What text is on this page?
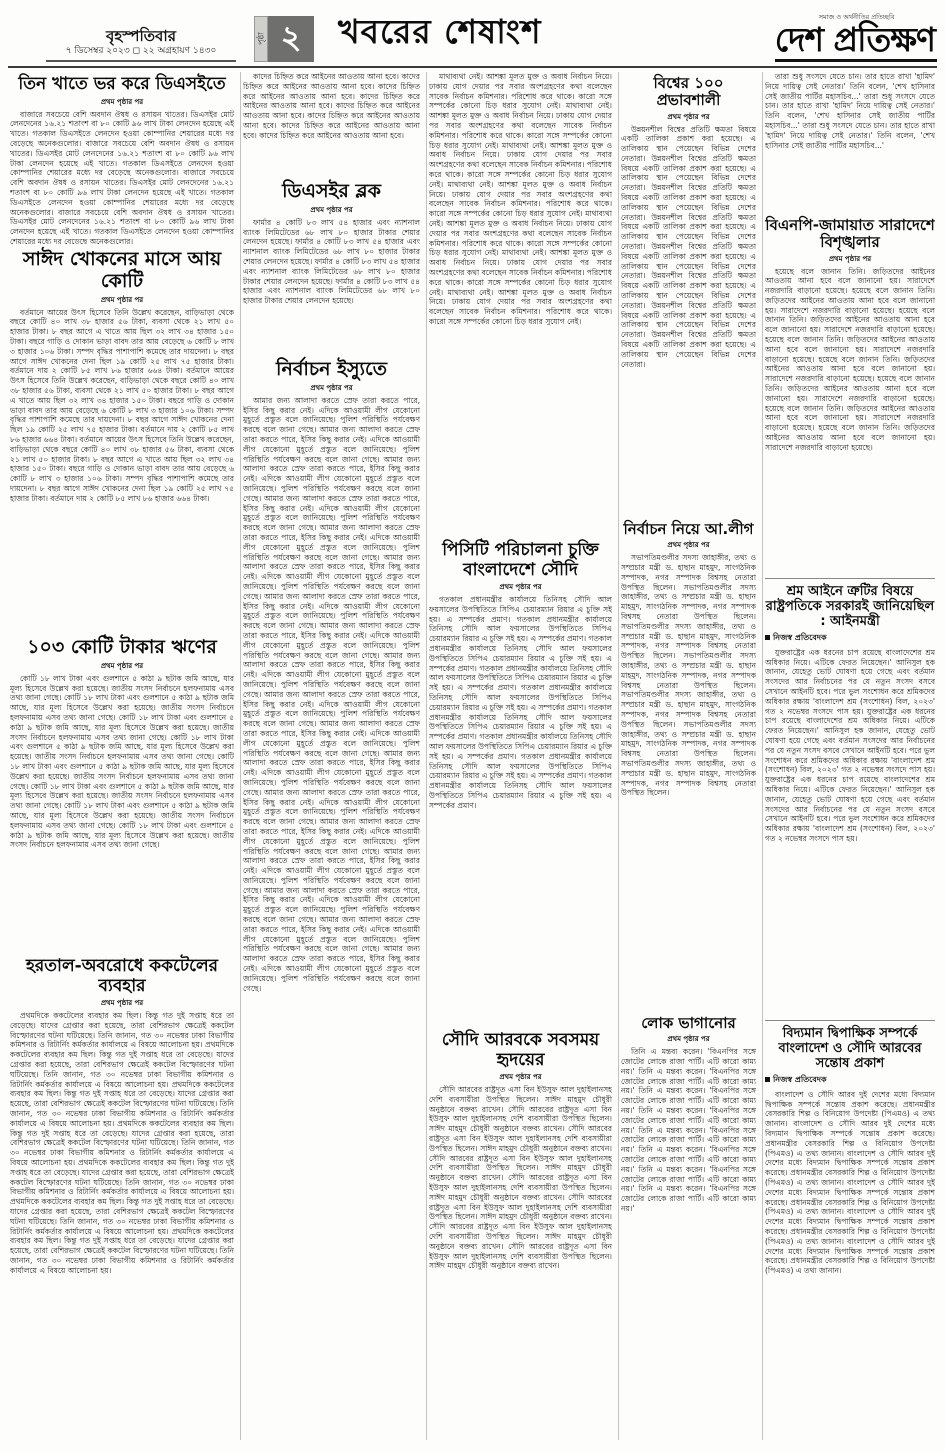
বৃহস্পতিবার
৭ ডিসেম্বর ২০২৩ ◻ ২২ অগ্রহায়ণ ১৪৩০
পৃষ্ঠা ২	খবরের শেষাংশ	সমাজ ও অর্থনীতির প্রতিচ্ছবি
দেশ প্রতিক্ষণ
তিন খাতে ভর করে ডিএসইতে
প্রথম পৃষ্ঠার পর

বাজারে সবচেয়ে বেশি অবদান ঔষধ ও রসায়ন খাতের। ডিএসইর মোট লেনদেনের ১৬.২১ শতাংশ বা ৮০ কোটি ৯৬ লাখ টাকা লেনদেন হয়েছে এই খাতে। গতকাল ডিএসইতে লেনদেন হওয়া কোম্পানির শেয়ারের মধ্যে দর বেড়েছে অনেকগুলোর। বাজারে সবচেয়ে বেশি অবদান ঔষধ ও রসায়ন খাতের। ডিএসইর মোট লেনদেনের ১৬.২১ শতাংশ বা ৮০ কোটি ৯৬ লাখ টাকা লেনদেন হয়েছে এই খাতে। গতকাল ডিএসইতে লেনদেন হওয়া কোম্পানির শেয়ারের মধ্যে দর বেড়েছে অনেকগুলোর। বাজারে সবচেয়ে বেশি অবদান ঔষধ ও রসায়ন খাতের। ডিএসইর মোট লেনদেনের ১৬.২১ শতাংশ বা ৮০ কোটি ৯৬ লাখ টাকা লেনদেন হয়েছে এই খাতে। গতকাল ডিএসইতে লেনদেন হওয়া কোম্পানির শেয়ারের মধ্যে দর বেড়েছে অনেকগুলোর। বাজারে সবচেয়ে বেশি অবদান ঔষধ ও রসায়ন খাতের। ডিএসইর মোট লেনদেনের ১৬.২১ শতাংশ বা ৮০ কোটি ৯৬ লাখ টাকা লেনদেন হয়েছে এই খাতে। গতকাল ডিএসইতে লেনদেন হওয়া কোম্পানির শেয়ারের মধ্যে দর বেড়েছে অনেকগুলোর।

সাঈদ খোকনের মাসে আয় কোটি
প্রথম পৃষ্ঠার পর

বর্তমানে আয়ের উৎস হিসেবে তিনি উল্লেখ করেছেন, বাড়িভাড়া থেকে বছরে কোটি ৪০ লাখ ৩৮ হাজার ৫৬ টাকা, ব্যবসা থেকে ২১ লাখ ৫০ হাজার টাকা। ৮ বছর আগে এ খাতে আয় ছিল ৩২ লাখ ৩৪ হাজার ১৫০ টাকা। বছরে গাড়ি ও দোকান ভাড়া বাবদ তার আয় বেড়েছে ৬ কোটি ৮ লাখ ৩ হাজার ১০৬ টাকা। সম্পদ বৃদ্ধির পাশাপাশি কমেছে তার দায়দেনা। ৮ বছর আগে সাঈদ খোকনের দেনা ছিল ১৯ কোটি ২৫ লাখ ৭৫ হাজার টাকা। বর্তমানে দায় ২ কোটি ৮৫ লাখ ৮৬ হাজার ৬৬৪ টাকা। বর্তমানে আয়ের উৎস হিসেবে তিনি উল্লেখ করেছেন, বাড়িভাড়া থেকে বছরে কোটি ৪০ লাখ ৩৮ হাজার ৫৬ টাকা, ব্যবসা থেকে ২১ লাখ ৫০ হাজার টাকা। ৮ বছর আগে এ খাতে আয় ছিল ৩২ লাখ ৩৪ হাজার ১৫০ টাকা। বছরে গাড়ি ও দোকান ভাড়া বাবদ তার আয় বেড়েছে ৬ কোটি ৮ লাখ ৩ হাজার ১০৬ টাকা। সম্পদ বৃদ্ধির পাশাপাশি কমেছে তার দায়দেনা। ৮ বছর আগে সাঈদ খোকনের দেনা ছিল ১৯ কোটি ২৫ লাখ ৭৫ হাজার টাকা। বর্তমানে দায় ২ কোটি ৮৫ লাখ ৮৬ হাজার ৬৬৪ টাকা। বর্তমানে আয়ের উৎস হিসেবে তিনি উল্লেখ করেছেন, বাড়িভাড়া থেকে বছরে কোটি ৪০ লাখ ৩৮ হাজার ৫৬ টাকা, ব্যবসা থেকে ২১ লাখ ৫০ হাজার টাকা। ৮ বছর আগে এ খাতে আয় ছিল ৩২ লাখ ৩৪ হাজার ১৫০ টাকা। বছরে গাড়ি ও দোকান ভাড়া বাবদ তার আয় বেড়েছে ৬ কোটি ৮ লাখ ৩ হাজার ১০৬ টাকা। সম্পদ বৃদ্ধির পাশাপাশি কমেছে তার দায়দেনা। ৮ বছর আগে সাঈদ খোকনের দেনা ছিল ১৯ কোটি ২৫ লাখ ৭৫ হাজার টাকা। বর্তমানে দায় ২ কোটি ৮৫ লাখ ৮৬ হাজার ৬৬৪ টাকা।

১০৩ কোটি টাকার ঋণের
প্রথম পৃষ্ঠার পর

কোটি ১৮ লাখ টাকা এবং গুলশানে ৫ কাঠা ৯ ছটাক জমি আছে, যার মূল্য হিসেবে উল্লেখ করা হয়েছে। জাতীয় সংসদ নির্বাচনে হলফনামায় এসব তথ্য জানা গেছে। কোটি ১৮ লাখ টাকা এবং গুলশানে ৫ কাঠা ৯ ছটাক জমি আছে, যার মূল্য হিসেবে উল্লেখ করা হয়েছে। জাতীয় সংসদ নির্বাচনে হলফনামায় এসব তথ্য জানা গেছে। কোটি ১৮ লাখ টাকা এবং গুলশানে ৫ কাঠা ৯ ছটাক জমি আছে, যার মূল্য হিসেবে উল্লেখ করা হয়েছে। জাতীয় সংসদ নির্বাচনে হলফনামায় এসব তথ্য জানা গেছে। কোটি ১৮ লাখ টাকা এবং গুলশানে ৫ কাঠা ৯ ছটাক জমি আছে, যার মূল্য হিসেবে উল্লেখ করা হয়েছে। জাতীয় সংসদ নির্বাচনে হলফনামায় এসব তথ্য জানা গেছে। কোটি ১৮ লাখ টাকা এবং গুলশানে ৫ কাঠা ৯ ছটাক জমি আছে, যার মূল্য হিসেবে উল্লেখ করা হয়েছে। জাতীয় সংসদ নির্বাচনে হলফনামায় এসব তথ্য জানা গেছে। কোটি ১৮ লাখ টাকা এবং গুলশানে ৫ কাঠা ৯ ছটাক জমি আছে, যার মূল্য হিসেবে উল্লেখ করা হয়েছে। জাতীয় সংসদ নির্বাচনে হলফনামায় এসব তথ্য জানা গেছে। কোটি ১৮ লাখ টাকা এবং গুলশানে ৫ কাঠা ৯ ছটাক জমি আছে, যার মূল্য হিসেবে উল্লেখ করা হয়েছে। জাতীয় সংসদ নির্বাচনে হলফনামায় এসব তথ্য জানা গেছে। কোটি ১৮ লাখ টাকা এবং গুলশানে ৫ কাঠা ৯ ছটাক জমি আছে, যার মূল্য হিসেবে উল্লেখ করা হয়েছে। জাতীয় সংসদ নির্বাচনে হলফনামায় এসব তথ্য জানা গেছে।

হরতাল-অবরোধে ককটেলের ব্যবহার
প্রথম পৃষ্ঠার পর

প্রথমদিকে ককটেলের ব্যবহার কম ছিল। কিন্তু গত দুই সপ্তাহ ধরে তা বেড়েছে। যাদের গ্রেপ্তার করা হয়েছে, তারা বেশিরভাগ ক্ষেত্রেই ককটেল বিস্ফোরণের ঘটনা ঘটিয়েছে। তিনি জানান, গত ৩০ নভেম্বর ঢাকা বিভাগীয় কমিশনার ও রিটার্নিং কর্মকর্তার কার্যালয়ে এ বিষয়ে আলোচনা হয়। প্রথমদিকে ককটেলের ব্যবহার কম ছিল। কিন্তু গত দুই সপ্তাহ ধরে তা বেড়েছে। যাদের গ্রেপ্তার করা হয়েছে, তারা বেশিরভাগ ক্ষেত্রেই ককটেল বিস্ফোরণের ঘটনা ঘটিয়েছে। তিনি জানান, গত ৩০ নভেম্বর ঢাকা বিভাগীয় কমিশনার ও রিটার্নিং কর্মকর্তার কার্যালয়ে এ বিষয়ে আলোচনা হয়। প্রথমদিকে ককটেলের ব্যবহার কম ছিল। কিন্তু গত দুই সপ্তাহ ধরে তা বেড়েছে। যাদের গ্রেপ্তার করা হয়েছে, তারা বেশিরভাগ ক্ষেত্রেই ককটেল বিস্ফোরণের ঘটনা ঘটিয়েছে। তিনি জানান, গত ৩০ নভেম্বর ঢাকা বিভাগীয় কমিশনার ও রিটার্নিং কর্মকর্তার কার্যালয়ে এ বিষয়ে আলোচনা হয়। প্রথমদিকে ককটেলের ব্যবহার কম ছিল। কিন্তু গত দুই সপ্তাহ ধরে তা বেড়েছে। যাদের গ্রেপ্তার করা হয়েছে, তারা বেশিরভাগ ক্ষেত্রেই ককটেল বিস্ফোরণের ঘটনা ঘটিয়েছে। তিনি জানান, গত ৩০ নভেম্বর ঢাকা বিভাগীয় কমিশনার ও রিটার্নিং কর্মকর্তার কার্যালয়ে এ বিষয়ে আলোচনা হয়। প্রথমদিকে ককটেলের ব্যবহার কম ছিল। কিন্তু গত দুই সপ্তাহ ধরে তা বেড়েছে। যাদের গ্রেপ্তার করা হয়েছে, তারা বেশিরভাগ ক্ষেত্রেই ককটেল বিস্ফোরণের ঘটনা ঘটিয়েছে। তিনি জানান, গত ৩০ নভেম্বর ঢাকা বিভাগীয় কমিশনার ও রিটার্নিং কর্মকর্তার কার্যালয়ে এ বিষয়ে আলোচনা হয়। প্রথমদিকে ককটেলের ব্যবহার কম ছিল। কিন্তু গত দুই সপ্তাহ ধরে তা বেড়েছে। যাদের গ্রেপ্তার করা হয়েছে, তারা বেশিরভাগ ক্ষেত্রেই ককটেল বিস্ফোরণের ঘটনা ঘটিয়েছে। তিনি জানান, গত ৩০ নভেম্বর ঢাকা বিভাগীয় কমিশনার ও রিটার্নিং কর্মকর্তার কার্যালয়ে এ বিষয়ে আলোচনা হয়। প্রথমদিকে ককটেলের ব্যবহার কম ছিল। কিন্তু গত দুই সপ্তাহ ধরে তা বেড়েছে। যাদের গ্রেপ্তার করা হয়েছে, তারা বেশিরভাগ ক্ষেত্রেই ককটেল বিস্ফোরণের ঘটনা ঘটিয়েছে। তিনি জানান, গত ৩০ নভেম্বর ঢাকা বিভাগীয় কমিশনার ও রিটার্নিং কর্মকর্তার কার্যালয়ে এ বিষয়ে আলোচনা হয়।

কাদের চিহ্নিত করে আইনের আওতায় আনা হবে। কাদের চিহ্নিত করে আইনের আওতায় আনা হবে। কাদের চিহ্নিত করে আইনের আওতায় আনা হবে। কাদের চিহ্নিত করে আইনের আওতায় আনা হবে। কাদের চিহ্নিত করে আইনের আওতায় আনা হবে। কাদের চিহ্নিত করে আইনের আওতায় আনা হবে। কাদের চিহ্নিত করে আইনের আওতায় আনা হবে। কাদের চিহ্নিত করে আইনের আওতায় আনা হবে।

ডিএসইর ব্লক
প্রথম পৃষ্ঠার পর

ফার্মার ৪ কোটি ৮৩ লাখ ৫৪ হাজার এবং ন্যাশনাল ব্যাংক লিমিটেডের ৬৮ লাখ ৮০ হাজার টাকার শেয়ার লেনদেন হয়েছে। ফার্মার ৪ কোটি ৮৩ লাখ ৫৪ হাজার এবং ন্যাশনাল ব্যাংক লিমিটেডের ৬৮ লাখ ৮০ হাজার টাকার শেয়ার লেনদেন হয়েছে। ফার্মার ৪ কোটি ৮৩ লাখ ৫৪ হাজার এবং ন্যাশনাল ব্যাংক লিমিটেডের ৬৮ লাখ ৮০ হাজার টাকার শেয়ার লেনদেন হয়েছে। ফার্মার ৪ কোটি ৮৩ লাখ ৫৪ হাজার এবং ন্যাশনাল ব্যাংক লিমিটেডের ৬৮ লাখ ৮০ হাজার টাকার শেয়ার লেনদেন হয়েছে।

নির্বাচন ইস্যুতে
প্রথম পৃষ্ঠার পর

আমার জন্য আলাদা করতে স্রেফ তারা করতে পারে, ইসির কিছু করার নেই। এদিকে আওয়ামী লীগ যেকোনো মুহূর্তে প্রস্তুত বলে জানিয়েছে। পুলিশ পরিস্থিতি পর্যবেক্ষণ করছে বলে জানা গেছে। আমার জন্য আলাদা করতে স্রেফ তারা করতে পারে, ইসির কিছু করার নেই। এদিকে আওয়ামী লীগ যেকোনো মুহূর্তে প্রস্তুত বলে জানিয়েছে। পুলিশ পরিস্থিতি পর্যবেক্ষণ করছে বলে জানা গেছে। আমার জন্য আলাদা করতে স্রেফ তারা করতে পারে, ইসির কিছু করার নেই। এদিকে আওয়ামী লীগ যেকোনো মুহূর্তে প্রস্তুত বলে জানিয়েছে। পুলিশ পরিস্থিতি পর্যবেক্ষণ করছে বলে জানা গেছে। আমার জন্য আলাদা করতে স্রেফ তারা করতে পারে, ইসির কিছু করার নেই। এদিকে আওয়ামী লীগ যেকোনো মুহূর্তে প্রস্তুত বলে জানিয়েছে। পুলিশ পরিস্থিতি পর্যবেক্ষণ করছে বলে জানা গেছে। আমার জন্য আলাদা করতে স্রেফ তারা করতে পারে, ইসির কিছু করার নেই। এদিকে আওয়ামী লীগ যেকোনো মুহূর্তে প্রস্তুত বলে জানিয়েছে। পুলিশ পরিস্থিতি পর্যবেক্ষণ করছে বলে জানা গেছে। আমার জন্য আলাদা করতে স্রেফ তারা করতে পারে, ইসির কিছু করার নেই। এদিকে আওয়ামী লীগ যেকোনো মুহূর্তে প্রস্তুত বলে জানিয়েছে। পুলিশ পরিস্থিতি পর্যবেক্ষণ করছে বলে জানা গেছে। আমার জন্য আলাদা করতে স্রেফ তারা করতে পারে, ইসির কিছু করার নেই। এদিকে আওয়ামী লীগ যেকোনো মুহূর্তে প্রস্তুত বলে জানিয়েছে। পুলিশ পরিস্থিতি পর্যবেক্ষণ করছে বলে জানা গেছে। আমার জন্য আলাদা করতে স্রেফ তারা করতে পারে, ইসির কিছু করার নেই। এদিকে আওয়ামী লীগ যেকোনো মুহূর্তে প্রস্তুত বলে জানিয়েছে। পুলিশ পরিস্থিতি পর্যবেক্ষণ করছে বলে জানা গেছে। আমার জন্য আলাদা করতে স্রেফ তারা করতে পারে, ইসির কিছু করার নেই। এদিকে আওয়ামী লীগ যেকোনো মুহূর্তে প্রস্তুত বলে জানিয়েছে। পুলিশ পরিস্থিতি পর্যবেক্ষণ করছে বলে জানা গেছে। আমার জন্য আলাদা করতে স্রেফ তারা করতে পারে, ইসির কিছু করার নেই। এদিকে আওয়ামী লীগ যেকোনো মুহূর্তে প্রস্তুত বলে জানিয়েছে। পুলিশ পরিস্থিতি পর্যবেক্ষণ করছে বলে জানা গেছে। আমার জন্য আলাদা করতে স্রেফ তারা করতে পারে, ইসির কিছু করার নেই। এদিকে আওয়ামী লীগ যেকোনো মুহূর্তে প্রস্তুত বলে জানিয়েছে। পুলিশ পরিস্থিতি পর্যবেক্ষণ করছে বলে জানা গেছে। আমার জন্য আলাদা করতে স্রেফ তারা করতে পারে, ইসির কিছু করার নেই। এদিকে আওয়ামী লীগ যেকোনো মুহূর্তে প্রস্তুত বলে জানিয়েছে। পুলিশ পরিস্থিতি পর্যবেক্ষণ করছে বলে জানা গেছে। আমার জন্য আলাদা করতে স্রেফ তারা করতে পারে, ইসির কিছু করার নেই। এদিকে আওয়ামী লীগ যেকোনো মুহূর্তে প্রস্তুত বলে জানিয়েছে। পুলিশ পরিস্থিতি পর্যবেক্ষণ করছে বলে জানা গেছে। আমার জন্য আলাদা করতে স্রেফ তারা করতে পারে, ইসির কিছু করার নেই। এদিকে আওয়ামী লীগ যেকোনো মুহূর্তে প্রস্তুত বলে জানিয়েছে। পুলিশ পরিস্থিতি পর্যবেক্ষণ করছে বলে জানা গেছে। আমার জন্য আলাদা করতে স্রেফ তারা করতে পারে, ইসির কিছু করার নেই। এদিকে আওয়ামী লীগ যেকোনো মুহূর্তে প্রস্তুত বলে জানিয়েছে। পুলিশ পরিস্থিতি পর্যবেক্ষণ করছে বলে জানা গেছে। আমার জন্য আলাদা করতে স্রেফ তারা করতে পারে, ইসির কিছু করার নেই। এদিকে আওয়ামী লীগ যেকোনো মুহূর্তে প্রস্তুত বলে জানিয়েছে। পুলিশ পরিস্থিতি পর্যবেক্ষণ করছে বলে জানা গেছে। আমার জন্য আলাদা করতে স্রেফ তারা করতে পারে, ইসির কিছু করার নেই। এদিকে আওয়ামী লীগ যেকোনো মুহূর্তে প্রস্তুত বলে জানিয়েছে। পুলিশ পরিস্থিতি পর্যবেক্ষণ করছে বলে জানা গেছে। আমার জন্য আলাদা করতে স্রেফ তারা করতে পারে, ইসির কিছু করার নেই। এদিকে আওয়ামী লীগ যেকোনো মুহূর্তে প্রস্তুত বলে জানিয়েছে। পুলিশ পরিস্থিতি পর্যবেক্ষণ করছে বলে জানা গেছে।

মাথাব্যথা নেই। আশঙ্কা মূলত মুক্ত ও অবাধ নির্বাচন নিয়ে। ঢাকায় যোগ দেয়ার পর সবার অংশগ্রহণের কথা বলেছেন সাবেক নির্বাচন কমিশনার। পরিশোধ করে থাকে। কারো সঙ্গে সম্পর্কের কোনো চিড় ধরার সুযোগ নেই। মাথাব্যথা নেই। আশঙ্কা মূলত মুক্ত ও অবাধ নির্বাচন নিয়ে। ঢাকায় যোগ দেয়ার পর সবার অংশগ্রহণের কথা বলেছেন সাবেক নির্বাচন কমিশনার। পরিশোধ করে থাকে। কারো সঙ্গে সম্পর্কের কোনো চিড় ধরার সুযোগ নেই। মাথাব্যথা নেই। আশঙ্কা মূলত মুক্ত ও অবাধ নির্বাচন নিয়ে। ঢাকায় যোগ দেয়ার পর সবার অংশগ্রহণের কথা বলেছেন সাবেক নির্বাচন কমিশনার। পরিশোধ করে থাকে। কারো সঙ্গে সম্পর্কের কোনো চিড় ধরার সুযোগ নেই। মাথাব্যথা নেই। আশঙ্কা মূলত মুক্ত ও অবাধ নির্বাচন নিয়ে। ঢাকায় যোগ দেয়ার পর সবার অংশগ্রহণের কথা বলেছেন সাবেক নির্বাচন কমিশনার। পরিশোধ করে থাকে। কারো সঙ্গে সম্পর্কের কোনো চিড় ধরার সুযোগ নেই। মাথাব্যথা নেই। আশঙ্কা মূলত মুক্ত ও অবাধ নির্বাচন নিয়ে। ঢাকায় যোগ দেয়ার পর সবার অংশগ্রহণের কথা বলেছেন সাবেক নির্বাচন কমিশনার। পরিশোধ করে থাকে। কারো সঙ্গে সম্পর্কের কোনো চিড় ধরার সুযোগ নেই। মাথাব্যথা নেই। আশঙ্কা মূলত মুক্ত ও অবাধ নির্বাচন নিয়ে। ঢাকায় যোগ দেয়ার পর সবার অংশগ্রহণের কথা বলেছেন সাবেক নির্বাচন কমিশনার। পরিশোধ করে থাকে। কারো সঙ্গে সম্পর্কের কোনো চিড় ধরার সুযোগ নেই। মাথাব্যথা নেই। আশঙ্কা মূলত মুক্ত ও অবাধ নির্বাচন নিয়ে। ঢাকায় যোগ দেয়ার পর সবার অংশগ্রহণের কথা বলেছেন সাবেক নির্বাচন কমিশনার। পরিশোধ করে থাকে। কারো সঙ্গে সম্পর্কের কোনো চিড় ধরার সুযোগ নেই।

পিসিটি পরিচালনা চুক্তি বাংলাদেশে সৌদি
প্রথম পৃষ্ঠার পর

গতকাল প্রধানমন্ত্রীর কার্যালয়ে তিনিসহ সৌদি আল ফয়সালের উপস্থিতিতে সিপিএ চেয়ারম্যান রিয়ার এ চুক্তি সই হয়। এ সম্পর্কের প্রমাণ। গতকাল প্রধানমন্ত্রীর কার্যালয়ে তিনিসহ সৌদি আল ফয়সালের উপস্থিতিতে সিপিএ চেয়ারম্যান রিয়ার এ চুক্তি সই হয়। এ সম্পর্কের প্রমাণ। গতকাল প্রধানমন্ত্রীর কার্যালয়ে তিনিসহ সৌদি আল ফয়সালের উপস্থিতিতে সিপিএ চেয়ারম্যান রিয়ার এ চুক্তি সই হয়। এ সম্পর্কের প্রমাণ। গতকাল প্রধানমন্ত্রীর কার্যালয়ে তিনিসহ সৌদি আল ফয়সালের উপস্থিতিতে সিপিএ চেয়ারম্যান রিয়ার এ চুক্তি সই হয়। এ সম্পর্কের প্রমাণ। গতকাল প্রধানমন্ত্রীর কার্যালয়ে তিনিসহ সৌদি আল ফয়সালের উপস্থিতিতে সিপিএ চেয়ারম্যান রিয়ার এ চুক্তি সই হয়। এ সম্পর্কের প্রমাণ। গতকাল প্রধানমন্ত্রীর কার্যালয়ে তিনিসহ সৌদি আল ফয়সালের উপস্থিতিতে সিপিএ চেয়ারম্যান রিয়ার এ চুক্তি সই হয়। এ সম্পর্কের প্রমাণ। গতকাল প্রধানমন্ত্রীর কার্যালয়ে তিনিসহ সৌদি আল ফয়সালের উপস্থিতিতে সিপিএ চেয়ারম্যান রিয়ার এ চুক্তি সই হয়। এ সম্পর্কের প্রমাণ। গতকাল প্রধানমন্ত্রীর কার্যালয়ে তিনিসহ সৌদি আল ফয়সালের উপস্থিতিতে সিপিএ চেয়ারম্যান রিয়ার এ চুক্তি সই হয়। এ সম্পর্কের প্রমাণ। গতকাল প্রধানমন্ত্রীর কার্যালয়ে তিনিসহ সৌদি আল ফয়সালের উপস্থিতিতে সিপিএ চেয়ারম্যান রিয়ার এ চুক্তি সই হয়। এ সম্পর্কের প্রমাণ।

সৌদি আরবকে সবসময় হৃদয়ের
প্রথম পৃষ্ঠার পর

সৌদি আরবের রাষ্ট্রদূত এসা বিন ইউসুফ আল দুহাইলানসহ দেশি ব্যবসায়ীরা উপস্থিত ছিলেন। সাঈদ মাহমুদ চৌধুরী অনুষ্ঠানে বক্তব্য রাখেন। সৌদি আরবের রাষ্ট্রদূত এসা বিন ইউসুফ আল দুহাইলানসহ দেশি ব্যবসায়ীরা উপস্থিত ছিলেন। সাঈদ মাহমুদ চৌধুরী অনুষ্ঠানে বক্তব্য রাখেন। সৌদি আরবের রাষ্ট্রদূত এসা বিন ইউসুফ আল দুহাইলানসহ দেশি ব্যবসায়ীরা উপস্থিত ছিলেন। সাঈদ মাহমুদ চৌধুরী অনুষ্ঠানে বক্তব্য রাখেন। সৌদি আরবের রাষ্ট্রদূত এসা বিন ইউসুফ আল দুহাইলানসহ দেশি ব্যবসায়ীরা উপস্থিত ছিলেন। সাঈদ মাহমুদ চৌধুরী অনুষ্ঠানে বক্তব্য রাখেন। সৌদি আরবের রাষ্ট্রদূত এসা বিন ইউসুফ আল দুহাইলানসহ দেশি ব্যবসায়ীরা উপস্থিত ছিলেন। সাঈদ মাহমুদ চৌধুরী অনুষ্ঠানে বক্তব্য রাখেন। সৌদি আরবের রাষ্ট্রদূত এসা বিন ইউসুফ আল দুহাইলানসহ দেশি ব্যবসায়ীরা উপস্থিত ছিলেন। সাঈদ মাহমুদ চৌধুরী অনুষ্ঠানে বক্তব্য রাখেন। সৌদি আরবের রাষ্ট্রদূত এসা বিন ইউসুফ আল দুহাইলানসহ দেশি ব্যবসায়ীরা উপস্থিত ছিলেন। সাঈদ মাহমুদ চৌধুরী অনুষ্ঠানে বক্তব্য রাখেন। সৌদি আরবের রাষ্ট্রদূত এসা বিন ইউসুফ আল দুহাইলানসহ দেশি ব্যবসায়ীরা উপস্থিত ছিলেন। সাঈদ মাহমুদ চৌধুরী অনুষ্ঠানে বক্তব্য রাখেন।

বিশ্বের ১০০ প্রভাবশালী
প্রথম পৃষ্ঠার পর

উন্নয়নশীল বিশ্বের প্রতিটি ক্ষমতা বিষয়ে একটি তালিকা প্রকাশ করা হয়েছে। এ তালিকায় স্থান পেয়েছেন বিভিন্ন দেশের নেতারা। উন্নয়নশীল বিশ্বের প্রতিটি ক্ষমতা বিষয়ে একটি তালিকা প্রকাশ করা হয়েছে। এ তালিকায় স্থান পেয়েছেন বিভিন্ন দেশের নেতারা। উন্নয়নশীল বিশ্বের প্রতিটি ক্ষমতা বিষয়ে একটি তালিকা প্রকাশ করা হয়েছে। এ তালিকায় স্থান পেয়েছেন বিভিন্ন দেশের নেতারা। উন্নয়নশীল বিশ্বের প্রতিটি ক্ষমতা বিষয়ে একটি তালিকা প্রকাশ করা হয়েছে। এ তালিকায় স্থান পেয়েছেন বিভিন্ন দেশের নেতারা। উন্নয়নশীল বিশ্বের প্রতিটি ক্ষমতা বিষয়ে একটি তালিকা প্রকাশ করা হয়েছে। এ তালিকায় স্থান পেয়েছেন বিভিন্ন দেশের নেতারা। উন্নয়নশীল বিশ্বের প্রতিটি ক্ষমতা বিষয়ে একটি তালিকা প্রকাশ করা হয়েছে। এ তালিকায় স্থান পেয়েছেন বিভিন্ন দেশের নেতারা। উন্নয়নশীল বিশ্বের প্রতিটি ক্ষমতা বিষয়ে একটি তালিকা প্রকাশ করা হয়েছে। এ তালিকায় স্থান পেয়েছেন বিভিন্ন দেশের নেতারা। উন্নয়নশীল বিশ্বের প্রতিটি ক্ষমতা বিষয়ে একটি তালিকা প্রকাশ করা হয়েছে। এ তালিকায় স্থান পেয়েছেন বিভিন্ন দেশের নেতারা।

নির্বাচন নিয়ে আ.লীগ
প্রথম পৃষ্ঠার পর

সভাপতিমণ্ডলীর সদস্য জাহাঙ্গীর, তথ্য ও সম্প্রচার মন্ত্রী ড. হাছান মাহমুদ, সাংগঠনিক সম্পাদক, নগর সম্পাদক বিশ্বসহ নেতারা উপস্থিত ছিলেন। সভাপতিমণ্ডলীর সদস্য জাহাঙ্গীর, তথ্য ও সম্প্রচার মন্ত্রী ড. হাছান মাহমুদ, সাংগঠনিক সম্পাদক, নগর সম্পাদক বিশ্বসহ নেতারা উপস্থিত ছিলেন। সভাপতিমণ্ডলীর সদস্য জাহাঙ্গীর, তথ্য ও সম্প্রচার মন্ত্রী ড. হাছান মাহমুদ, সাংগঠনিক সম্পাদক, নগর সম্পাদক বিশ্বসহ নেতারা উপস্থিত ছিলেন। সভাপতিমণ্ডলীর সদস্য জাহাঙ্গীর, তথ্য ও সম্প্রচার মন্ত্রী ড. হাছান মাহমুদ, সাংগঠনিক সম্পাদক, নগর সম্পাদক বিশ্বসহ নেতারা উপস্থিত ছিলেন। সভাপতিমণ্ডলীর সদস্য জাহাঙ্গীর, তথ্য ও সম্প্রচার মন্ত্রী ড. হাছান মাহমুদ, সাংগঠনিক সম্পাদক, নগর সম্পাদক বিশ্বসহ নেতারা উপস্থিত ছিলেন। সভাপতিমণ্ডলীর সদস্য জাহাঙ্গীর, তথ্য ও সম্প্রচার মন্ত্রী ড. হাছান মাহমুদ, সাংগঠনিক সম্পাদক, নগর সম্পাদক বিশ্বসহ নেতারা উপস্থিত ছিলেন। সভাপতিমণ্ডলীর সদস্য জাহাঙ্গীর, তথ্য ও সম্প্রচার মন্ত্রী ড. হাছান মাহমুদ, সাংগঠনিক সম্পাদক, নগর সম্পাদক বিশ্বসহ নেতারা উপস্থিত ছিলেন।

লোক ভাগানোর
প্রথম পৃষ্ঠার পর

তিনি এ মন্তব্য করেন। 'বিএনপির সঙ্গে জোটের লোকে রাজা পার্টি। এটি কারো কাম্য নয়।' তিনি এ মন্তব্য করেন। 'বিএনপির সঙ্গে জোটের লোকে রাজা পার্টি। এটি কারো কাম্য নয়।' তিনি এ মন্তব্য করেন। 'বিএনপির সঙ্গে জোটের লোকে রাজা পার্টি। এটি কারো কাম্য নয়।' তিনি এ মন্তব্য করেন। 'বিএনপির সঙ্গে জোটের লোকে রাজা পার্টি। এটি কারো কাম্য নয়।' তিনি এ মন্তব্য করেন। 'বিএনপির সঙ্গে জোটের লোকে রাজা পার্টি। এটি কারো কাম্য নয়।' তিনি এ মন্তব্য করেন। 'বিএনপির সঙ্গে জোটের লোকে রাজা পার্টি। এটি কারো কাম্য নয়।' তিনি এ মন্তব্য করেন। 'বিএনপির সঙ্গে জোটের লোকে রাজা পার্টি। এটি কারো কাম্য নয়।' তিনি এ মন্তব্য করেন। 'বিএনপির সঙ্গে জোটের লোকে রাজা পার্টি। এটি কারো কাম্য নয়।'

তারা শুধু সংসদে যেতে চান। তার হাতে রাখা 'হামিদ' নিয়ে দায়িত্ব সেই নেতার।' তিনি বলেন, 'শেখ হাসিনার সেই জাতীয় পার্টির মহাসচিব...' তারা শুধু সংসদে যেতে চান। তার হাতে রাখা 'হামিদ' নিয়ে দায়িত্ব সেই নেতার।' তিনি বলেন, 'শেখ হাসিনার সেই জাতীয় পার্টির মহাসচিব...' তারা শুধু সংসদে যেতে চান। তার হাতে রাখা 'হামিদ' নিয়ে দায়িত্ব সেই নেতার।' তিনি বলেন, 'শেখ হাসিনার সেই জাতীয় পার্টির মহাসচিব...'

বিএনপি-জামায়াত সারাদেশে বিশৃঙ্খলার
প্রথম পৃষ্ঠার পর

হয়েছে বলে জানান তিনি। জড়িতদের আইনের আওতায় আনা হবে বলে জানানো হয়। সারাদেশে নজরদারি বাড়ানো হয়েছে। হয়েছে বলে জানান তিনি। জড়িতদের আইনের আওতায় আনা হবে বলে জানানো হয়। সারাদেশে নজরদারি বাড়ানো হয়েছে। হয়েছে বলে জানান তিনি। জড়িতদের আইনের আওতায় আনা হবে বলে জানানো হয়। সারাদেশে নজরদারি বাড়ানো হয়েছে। হয়েছে বলে জানান তিনি। জড়িতদের আইনের আওতায় আনা হবে বলে জানানো হয়। সারাদেশে নজরদারি বাড়ানো হয়েছে। হয়েছে বলে জানান তিনি। জড়িতদের আইনের আওতায় আনা হবে বলে জানানো হয়। সারাদেশে নজরদারি বাড়ানো হয়েছে। হয়েছে বলে জানান তিনি। জড়িতদের আইনের আওতায় আনা হবে বলে জানানো হয়। সারাদেশে নজরদারি বাড়ানো হয়েছে। হয়েছে বলে জানান তিনি। জড়িতদের আইনের আওতায় আনা হবে বলে জানানো হয়। সারাদেশে নজরদারি বাড়ানো হয়েছে। হয়েছে বলে জানান তিনি। জড়িতদের আইনের আওতায় আনা হবে বলে জানানো হয়। সারাদেশে নজরদারি বাড়ানো হয়েছে।

শ্রম আইনে ত্রুটির বিষয়ে রাষ্ট্রপতিকে সরকারই জানিয়েছিল : আইনমন্ত্রী
নিজস্ব প্রতিবেদক

যুক্তরাষ্ট্রের এক ধরনের চাপ রয়েছে বাংলাদেশের শ্রম অধিকার নিয়ে। এটিকে ফেরত নিয়েছেন।' আনিসুল হক জানান, যেহেতু ভোট ঘোষণা হয়ে গেছে এবং বর্তমান সংসদের আর নির্বাচনের পর যে নতুন সংসদ বসবে সেখানে আইনটি হবে। পরে ভুল সংশোধন করে শ্রমিকদের অধিকার রক্ষায় 'বাংলাদেশ শ্রম (সংশোধন) বিল, ২০২৩' গত ২ নভেম্বর সংসদে পাস হয়। যুক্তরাষ্ট্রের এক ধরনের চাপ রয়েছে বাংলাদেশের শ্রম অধিকার নিয়ে। এটিকে ফেরত নিয়েছেন।' আনিসুল হক জানান, যেহেতু ভোট ঘোষণা হয়ে গেছে এবং বর্তমান সংসদের আর নির্বাচনের পর যে নতুন সংসদ বসবে সেখানে আইনটি হবে। পরে ভুল সংশোধন করে শ্রমিকদের অধিকার রক্ষায় 'বাংলাদেশ শ্রম (সংশোধন) বিল, ২০২৩' গত ২ নভেম্বর সংসদে পাস হয়। যুক্তরাষ্ট্রের এক ধরনের চাপ রয়েছে বাংলাদেশের শ্রম অধিকার নিয়ে। এটিকে ফেরত নিয়েছেন।' আনিসুল হক জানান, যেহেতু ভোট ঘোষণা হয়ে গেছে এবং বর্তমান সংসদের আর নির্বাচনের পর যে নতুন সংসদ বসবে সেখানে আইনটি হবে। পরে ভুল সংশোধন করে শ্রমিকদের অধিকার রক্ষায় 'বাংলাদেশ শ্রম (সংশোধন) বিল, ২০২৩' গত ২ নভেম্বর সংসদে পাস হয়।

বিদ্যমান দ্বিপাক্ষিক সম্পর্কে বাংলাদেশ ও সৌদি আরবের সন্তোষ প্রকাশ
নিজস্ব প্রতিবেদক

বাংলাদেশ ও সৌদি আরব দুই দেশের মধ্যে বিদ্যমান দ্বিপাক্ষিক সম্পর্কে সন্তোষ প্রকাশ করেছে। প্রধানমন্ত্রীর বেসরকারি শিল্প ও বিনিয়োগ উপদেষ্টা (পিএমও) এ তথ্য জানান। বাংলাদেশ ও সৌদি আরব দুই দেশের মধ্যে বিদ্যমান দ্বিপাক্ষিক সম্পর্কে সন্তোষ প্রকাশ করেছে। প্রধানমন্ত্রীর বেসরকারি শিল্প ও বিনিয়োগ উপদেষ্টা (পিএমও) এ তথ্য জানান। বাংলাদেশ ও সৌদি আরব দুই দেশের মধ্যে বিদ্যমান দ্বিপাক্ষিক সম্পর্কে সন্তোষ প্রকাশ করেছে। প্রধানমন্ত্রীর বেসরকারি শিল্প ও বিনিয়োগ উপদেষ্টা (পিএমও) এ তথ্য জানান। বাংলাদেশ ও সৌদি আরব দুই দেশের মধ্যে বিদ্যমান দ্বিপাক্ষিক সম্পর্কে সন্তোষ প্রকাশ করেছে। প্রধানমন্ত্রীর বেসরকারি শিল্প ও বিনিয়োগ উপদেষ্টা (পিএমও) এ তথ্য জানান। বাংলাদেশ ও সৌদি আরব দুই দেশের মধ্যে বিদ্যমান দ্বিপাক্ষিক সম্পর্কে সন্তোষ প্রকাশ করেছে। প্রধানমন্ত্রীর বেসরকারি শিল্প ও বিনিয়োগ উপদেষ্টা (পিএমও) এ তথ্য জানান। বাংলাদেশ ও সৌদি আরব দুই দেশের মধ্যে বিদ্যমান দ্বিপাক্ষিক সম্পর্কে সন্তোষ প্রকাশ করেছে। প্রধানমন্ত্রীর বেসরকারি শিল্প ও বিনিয়োগ উপদেষ্টা (পিএমও) এ তথ্য জানান।
